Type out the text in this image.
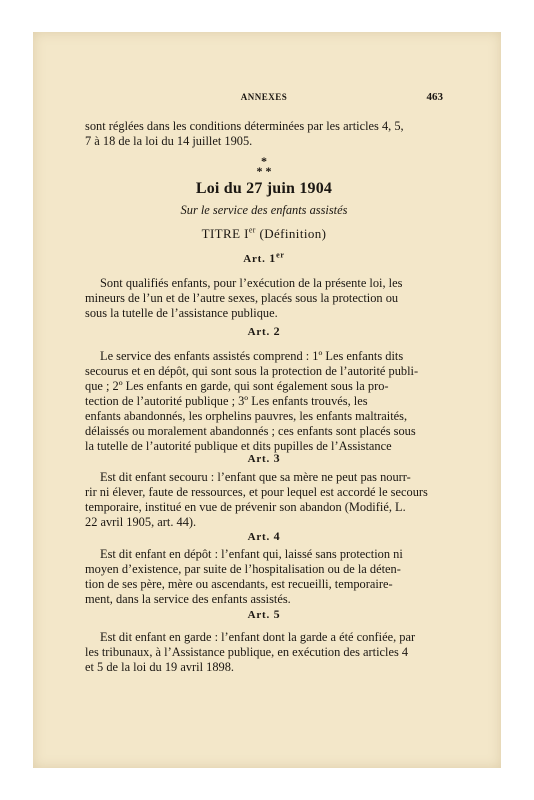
ANNEXES	463
sont réglées dans les conditions déterminées par les articles 4, 5,
7 à 18 de la loi du 14 juillet 1905.
*
* *
Loi du 27 juin 1904
Sur le service des enfants assistés
TITRE Ier (Définition)
Art. 1er
Sont qualifiés enfants, pour l’exécution de la présente loi, les
mineurs de l’un et de l’autre sexes, placés sous la protection ou
sous la tutelle de l’assistance publique.
Art. 2
Le service des enfants assistés comprend : 1º Les enfants dits
secourus et en dépôt, qui sont sous la protection de l’autorité publi-
que ; 2º Les enfants en garde, qui sont également sous la pro-
tection de l’autorité publique ; 3º Les enfants trouvés, les
enfants abandonnés, les orphelins pauvres, les enfants maltraités,
délaissés ou moralement abandonnés ; ces enfants sont placés sous
la tutelle de l’autorité publique et dits pupilles de l’Assistance
Art. 3
Est dit enfant secouru : l’enfant que sa mère ne peut pas nourr-
rir ni élever, faute de ressources, et pour lequel est accordé le secours
temporaire, institué en vue de prévenir son abandon (Modifié, L.
22 avril 1905, art. 44).
Art. 4
Est dit enfant en dépôt : l’enfant qui, laissé sans protection ni
moyen d’existence, par suite de l’hospitalisation ou de la déten-
tion de ses père, mère ou ascendants, est recueilli, temporaire-
ment, dans la service des enfants assistés.
Art. 5
Est dit enfant en garde : l’enfant dont la garde a été confiée, par
les tribunaux, à l’Assistance publique, en exécution des articles 4
et 5 de la loi du 19 avril 1898.
